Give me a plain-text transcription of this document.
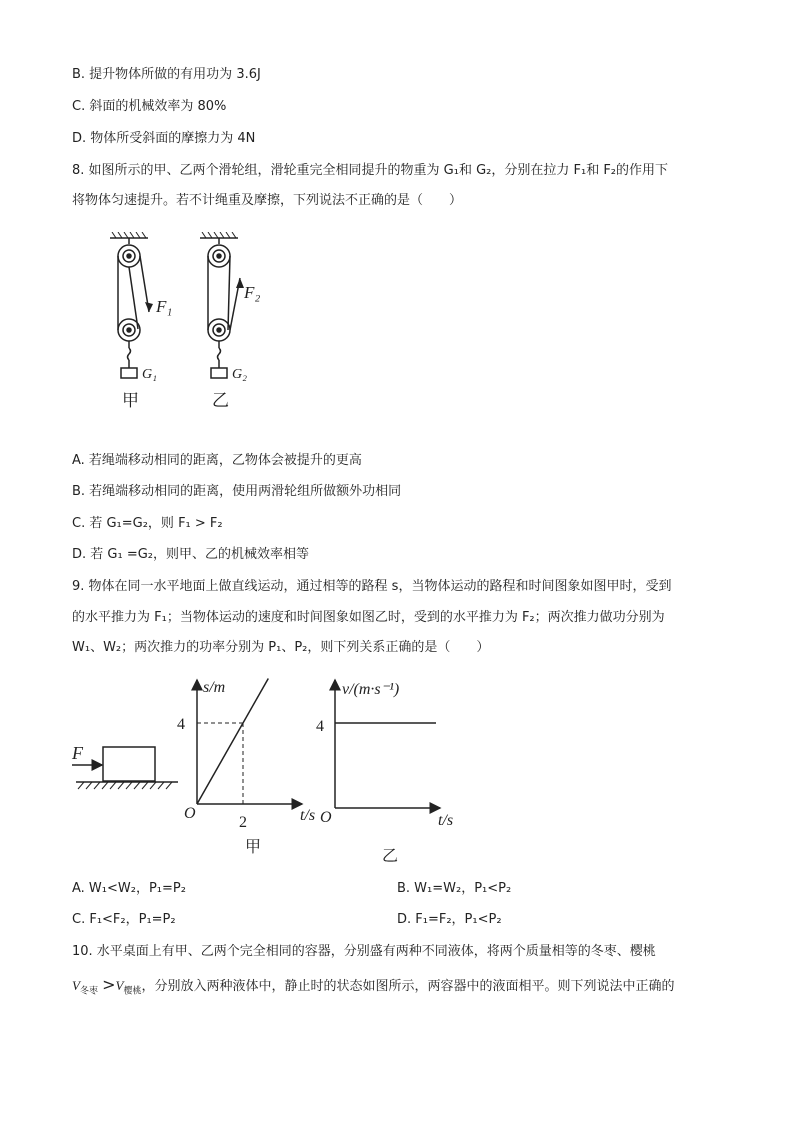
B. 提升物体所做的有用功为 3.6J
C. 斜面的机械效率为 80%
D. 物体所受斜面的摩擦力为 4N
8. 如图所示的甲、乙两个滑轮组，滑轮重完全相同提升的物重为 G₁和 G₂，分别在拉力 F₁和 F₂的作用下
将物体匀速提升。若不计绳重及摩擦，下列说法不正确的是（　　）
F₁
F₂
G₁	G₂
甲	乙
A. 若绳端移动相同的距离，乙物体会被提升的更高
B. 若绳端移动相同的距离，使用两滑轮组所做额外功相同
C. 若 G₁=G₂，则 F₁ > F₂
D. 若 G₁ =G₂，则甲、乙的机械效率相等
9. 物体在同一水平地面上做直线运动，通过相等的路程 s，当物体运动的路程和时间图象如图甲时，受到
的水平推力为 F₁；当物体运动的速度和时间图象如图乙时，受到的水平推力为 F₂；两次推力做功分别为
W₁、W₂；两次推力的功率分别为 P₁、P₂，则下列关系正确的是（　　）
F
s/m
4
2
O	t/s
甲
v/(m·s⁻¹)
4
O	t/s
乙
A. W₁<W₂，P₁=P₂	B. W₁=W₂，P₁<P₂
C. F₁<F₂，P₁=P₂	D. F₁=F₂，P₁<P₂
10. 水平桌面上有甲、乙两个完全相同的容器，分别盛有两种不同液体，将两个质量相等的冬枣、樱桃
$V_{冬枣} >V_{樱桃}$，分别放入两种液体中，静止时的状态如图所示，两容器中的液面相平。则下列说法中正确的
